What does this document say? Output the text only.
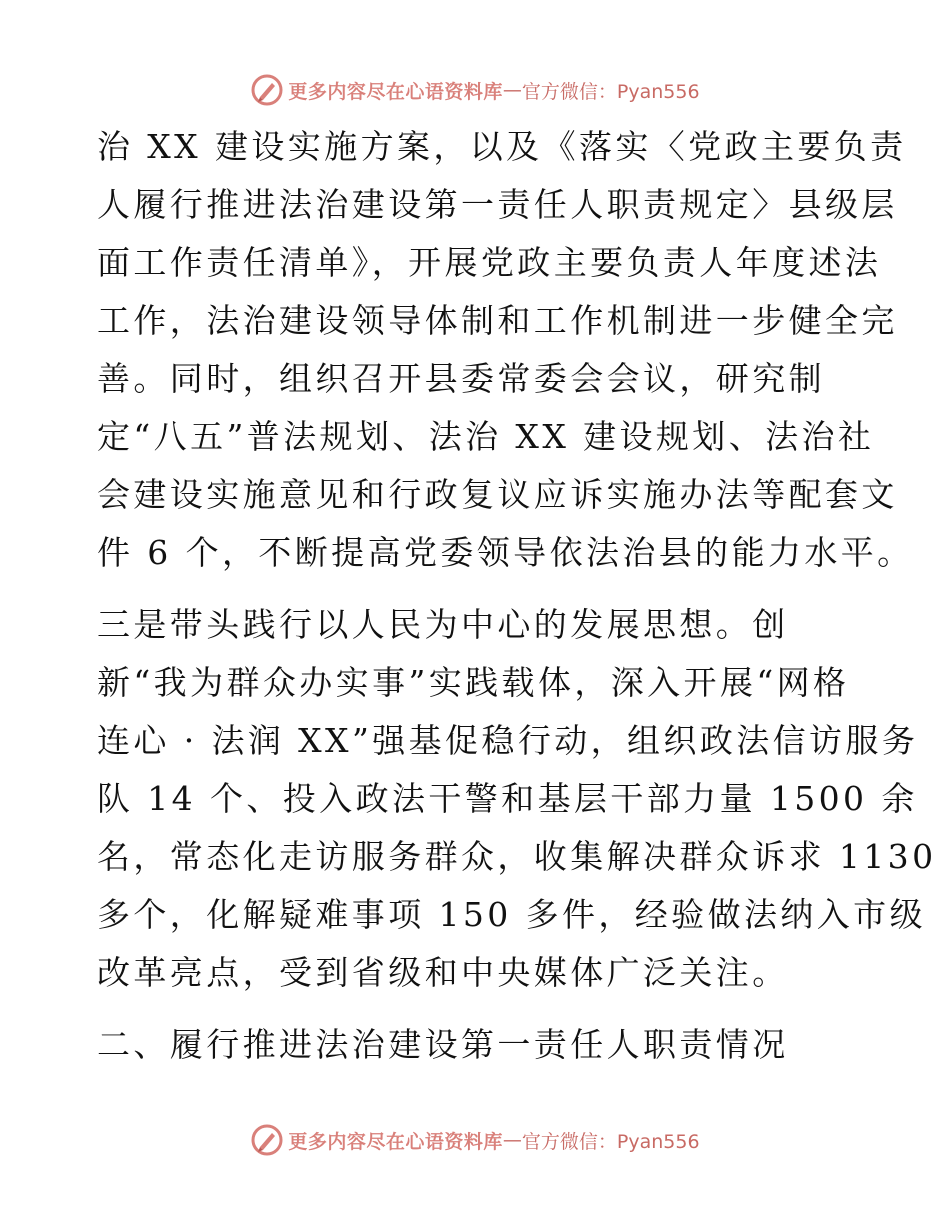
更多内容尽在心语资料库 — 官方微信：Pyan556
治 XX 建设实施方案，以及《落实〈党政主要负责
人履行推进法治建设第一责任人职责规定〉县级层
面工作责任清单》，开展党政主要负责人年度述法
工作，法治建设领导体制和工作机制进一步健全完
善。同时，组织召开县委常委会会议，研究制
定“八五”普法规划、法治 XX 建设规划、法治社
会建设实施意见和行政复议应诉实施办法等配套文
件 6 个，不断提高党委领导依法治县的能力水平。
三是带头践行以人民为中心的发展思想。创
新“我为群众办实事”实践载体，深入开展“网格
连心 · 法润 XX”强基促稳行动，组织政法信访服务
队 14 个、投入政法干警和基层干部力量 1500 余
名，常态化走访服务群众，收集解决群众诉求 1130
多个，化解疑难事项 150 多件，经验做法纳入市级
改革亮点，受到省级和中央媒体广泛关注。
二、履行推进法治建设第一责任人职责情况
更多内容尽在心语资料库 — 官方微信：Pyan556
